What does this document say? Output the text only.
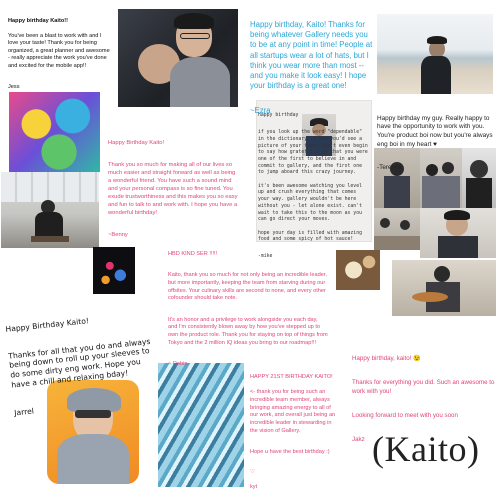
Happy birthday Kaito!!

You've been a blast to work with and I love your taste! Thank you for being organized, a great planner and awesome - really appreciate the work you've done and excited for the mobile app!!

Jess

Happy birthday, Kaito! Thanks for being whatever Gallery needs you to be at any point in time! People at all startups wear a lot of hats, but I think you wear more than most -- and you make it look easy! I hope your birthday is a great one!

~Ezra

Happy Birthday Kaito!

Thank you so much for making all of our lives so much easier and straight forward as well as being a wonderful friend. You have such a sound mind and your personal compass is so fine tuned. You exude trustworthiness and this makes you so easy and fun to talk to and work with. I hope you have a wonderful birthday!

~Benny

happy birthday

if you look up the word "dependable" in the dictionary, i bet you'd see a picture of your face! can't even begin to say how grateful i am that you were one of the first to believe in and commit to gallery, and the first one to jump aboard this crazy journey.

it's been awesome watching you level up and crush everything that comes your way. gallery wouldn't be here without you - let alone exist. can't wait to take this to the moon as you can go direct your moves.

hope your day is filled with amazing food and some spicy of hot sauce!

-mike

Happy birthday my guy. Really happy to have the opportunity to work with you. You're product boi now but you're always eng boi in my heart ♥

-Terence

HBD KIND SER !!!!!

Kaito, thank you so much for not only being an incredible leader, but more importantly, keeping the team from starving during our offsites. Your culinary skills are second to none, and every other cofounder should take note.

It's an honor and a privilege to work alongside you each day, and I'm consistently blown away by how you've stepped up to own the product role. Thank you for staying on top of things from Tokyo and the 2 million IQ ideas you bring to our roadmap!!!

~ Robin

Happy Birthday Kaito!

Thanks for all that you do and always being down to roll up your sleeves to do some dirty eng work. Hope you have a chill and relaxing bday!

Jarrel

HAPPY 21ST BIRTHDAY KAITO!

<- thank you for being such an incredible team member, always bringing amazing energy to all of our work, and overall just being an incredible leader in stewarding in the vision of Gallery.

Hope u have the best birthday :)

♡

kyt

Happy birthday, kaito! 😉

Thanks for everything you did. Such an awesome to work with you!

Looking forward to meet with you soon

Jakz (Kaito)
